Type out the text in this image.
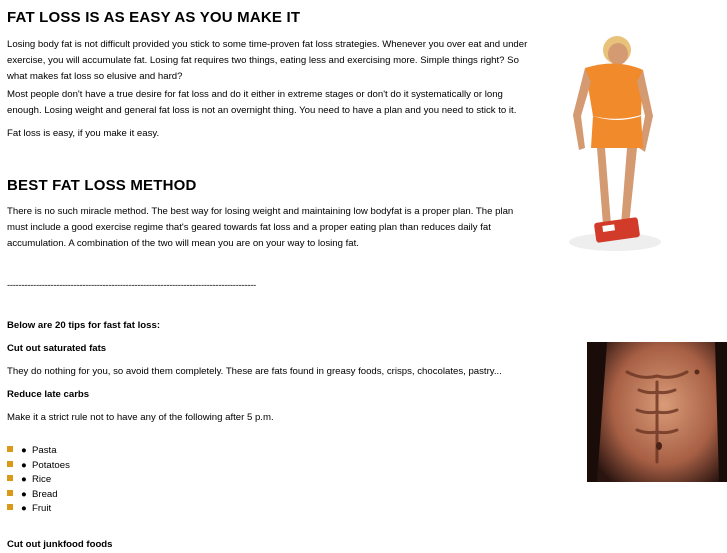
FAT LOSS IS AS EASY AS YOU MAKE IT

Losing body fat is not difficult provided you stick to some time-proven fat loss strategies. Whenever you over eat and under exercise, you will accumulate fat. Losing fat requires two things, eating less and exercising more. Simple things right? So what makes fat loss so elusive and hard?

Most people don't have a true desire for fat loss and do it either in extreme stages or don't do it systematically or long enough. Losing weight and general fat loss is not an overnight thing. You need to have a plan and you need to stick to it.

Fat loss is easy, if you make it easy.

BEST FAT LOSS METHOD

There is no such miracle method. The best way for losing weight and maintaining low bodyfat is a proper plan. The plan must include a good exercise regime that's geared towards fat loss and a proper eating plan than reduces daily fat accumulation. A combination of the two will mean you are on your way to losing fat.

--------------------------------------------------------------------------------------

Below are 20 tips for fast fat loss:

Cut out saturated fats

They do nothing for you, so avoid them completely. These are fats found in greasy foods, crisps, chocolates, pastry...

Reduce late carbs

Make it a strict rule not to have any of the following after 5 p.m.

● Pasta
● Potatoes
● Rice
● Bread
● Fruit

Cut out junkfood foods
